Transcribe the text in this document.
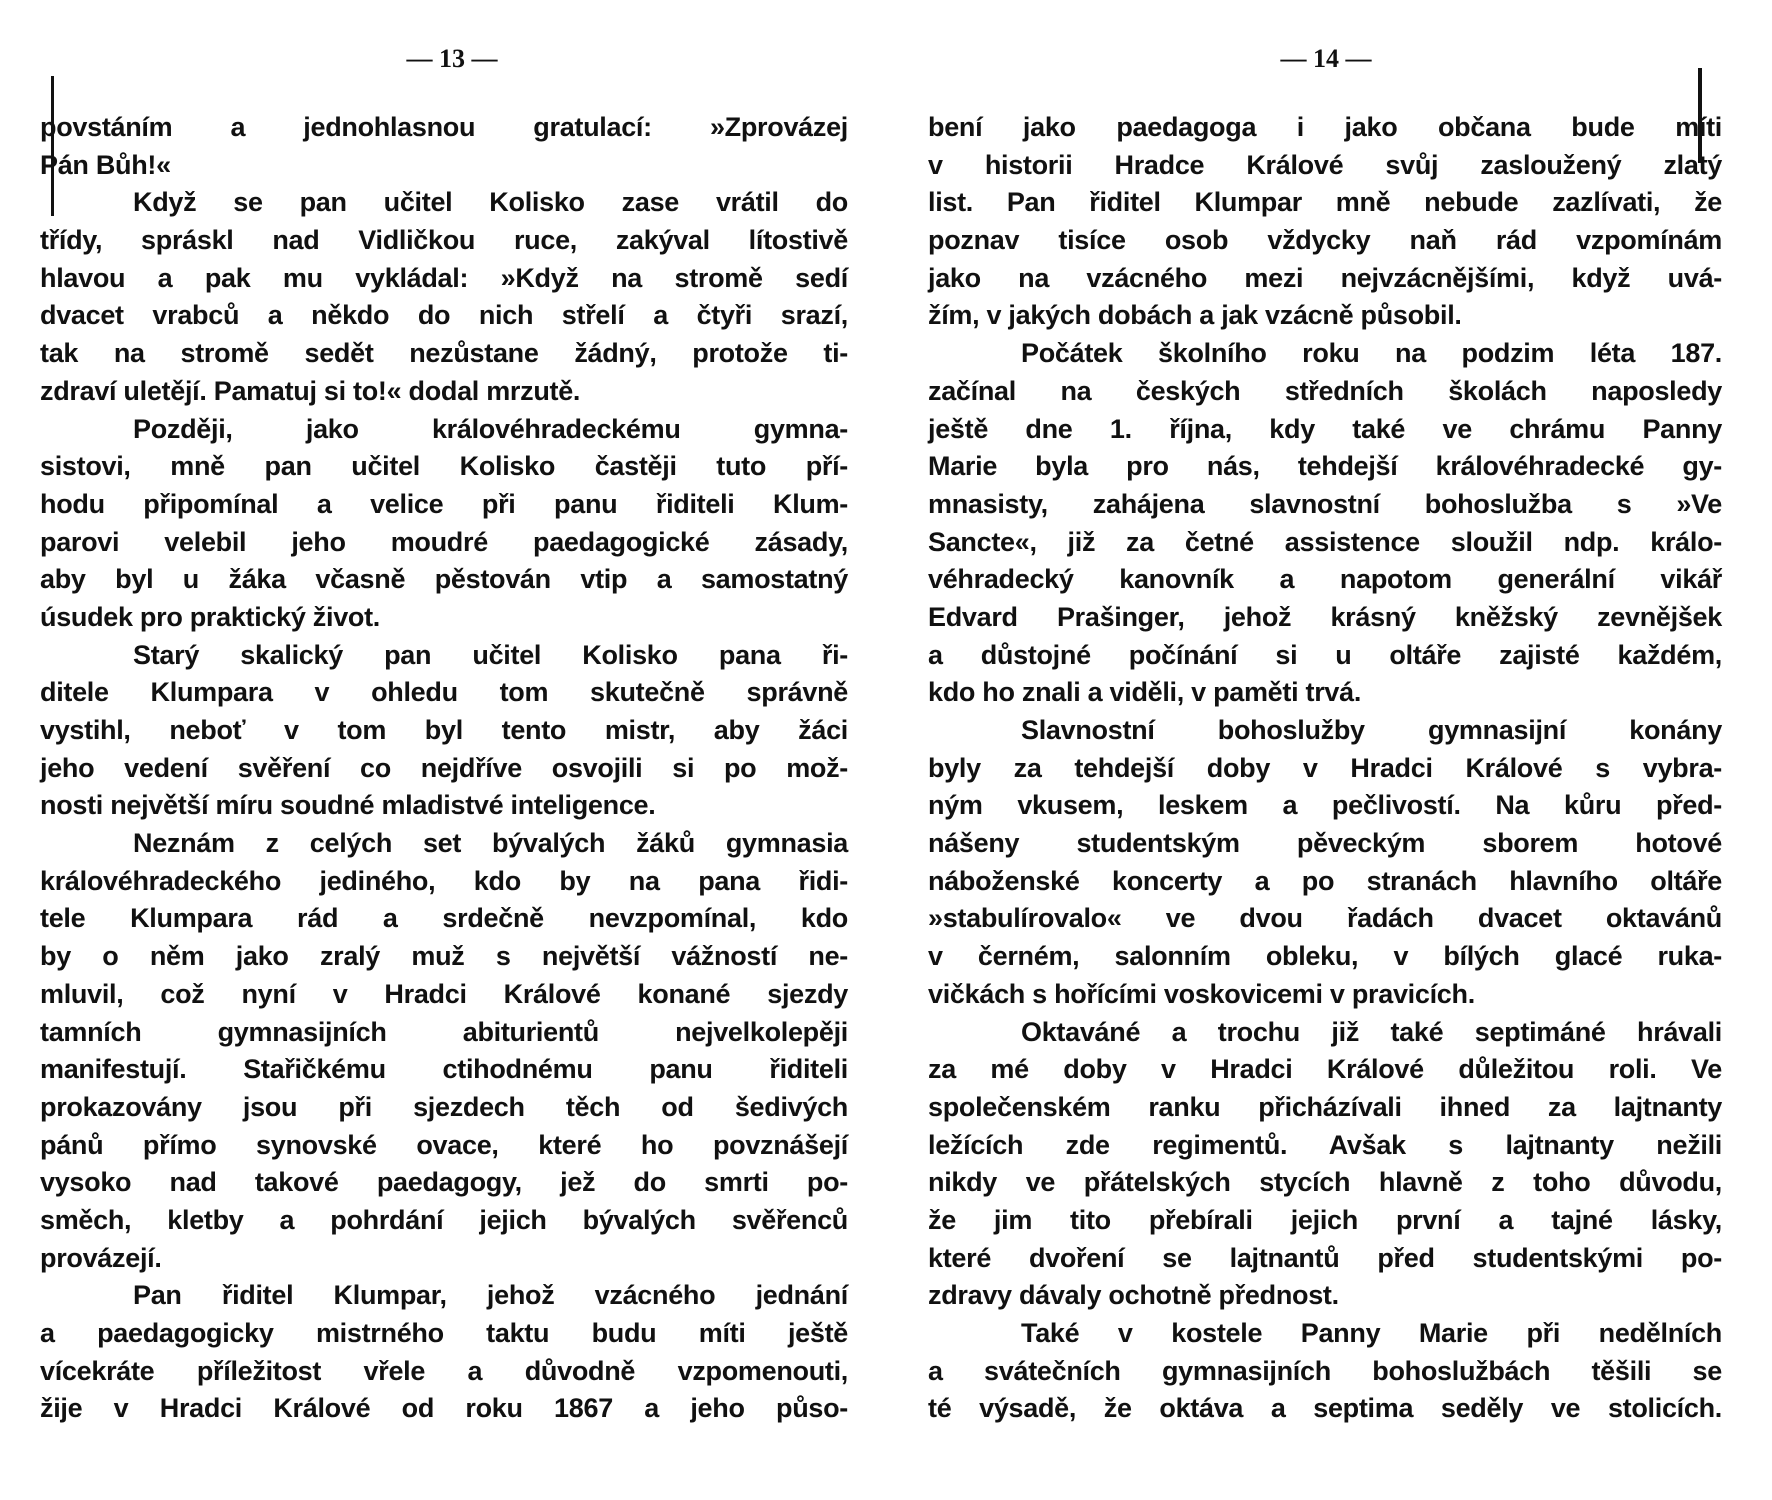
— 13 —	— 14 —
povstáním a jednohlasnou gratulací: »Zprovázej
Pán Bůh!«
Když se pan učitel Kolisko zase vrátil do
třídy, spráskl nad Vidličkou ruce, zakýval lítostivě
hlavou a pak mu vykládal: »Když na stromě sedí
dvacet vrabců a někdo do nich střelí a čtyři srazí,
tak na stromě sedět nezůstane žádný, protože ti-
zdraví uletějí. Pamatuj si to!« dodal mrzutě.
Později, jako královéhradeckému gymna-
sistovi, mně pan učitel Kolisko častěji tuto pří-
hodu připomínal a velice při panu řiditeli Klum-
parovi velebil jeho moudré paedagogické zásady,
aby byl u žáka včasně pěstován vtip a samostatný
úsudek pro praktický život.
Starý skalický pan učitel Kolisko pana ři-
ditele Klumpara v ohledu tom skutečně správně
vystihl, neboť v tom byl tento mistr, aby žáci
jeho vedení svěření co nejdříve osvojili si po mož-
nosti největší míru soudné mladistvé inteligence.
Neznám z celých set bývalých žáků gymnasia
královéhradeckého jediného, kdo by na pana řidi-
tele Klumpara rád a srdečně nevzpomínal, kdo
by o něm jako zralý muž s největší vážností ne-
mluvil, což nyní v Hradci Králové konané sjezdy
tamních gymnasijních abiturientů nejvelkolepěji
manifestují. Stařičkému ctihodnému panu řiditeli
prokazovány jsou při sjezdech těch od šedivých
pánů přímo synovské ovace, které ho povznášejí
vysoko nad takové paedagogy, jež do smrti po-
směch, kletby a pohrdání jejich bývalých svěřenců
provázejí.
Pan řiditel Klumpar, jehož vzácného jednání
a paedagogicky mistrného taktu budu míti ještě
vícekráte příležitost vřele a důvodně vzpomenouti,
žije v Hradci Králové od roku 1867 a jeho půso-
bení jako paedagoga i jako občana bude míti
v historii Hradce Králové svůj zasloužený zlatý
list. Pan řiditel Klumpar mně nebude zazlívati, že
poznav tisíce osob vždycky naň rád vzpomínám
jako na vzácného mezi nejvzácnějšími, když uvá-
žím, v jakých dobách a jak vzácně působil.
Počátek školního roku na podzim léta 187.
začínal na českých středních školách naposledy
ještě dne 1. října, kdy také ve chrámu Panny
Marie byla pro nás, tehdejší královéhradecké gy-
mnasisty, zahájena slavnostní bohoslužba s »Ve
Sancte«, již za četné assistence sloužil ndp. králo-
véhradecký kanovník a napotom generální vikář
Edvard Prašinger, jehož krásný kněžský zevnějšek
a důstojné počínání si u oltáře zajisté každém,
kdo ho znali a viděli, v paměti trvá.
Slavnostní bohoslužby gymnasijní konány
byly za tehdejší doby v Hradci Králové s vybra-
ným vkusem, leskem a pečlivostí. Na kůru před-
nášeny studentským pěveckým sborem hotové
náboženské koncerty a po stranách hlavního oltáře
»stabulírovalo« ve dvou řadách dvacet oktavánů
v černém, salonním obleku, v bílých glacé ruka-
vičkách s hořícími voskovicemi v pravicích.
Oktaváné a trochu již také septimáné hrávali
za mé doby v Hradci Králové důležitou roli. Ve
společenském ranku přicházívali ihned za lajtnanty
ležících zde regimentů. Avšak s lajtnanty nežili
nikdy ve přátelských stycích hlavně z toho důvodu,
že jim tito přebírali jejich první a tajné lásky,
které dvoření se lajtnantů před studentskými po-
zdravy dávaly ochotně přednost.
Také v kostele Panny Marie při nedělních
a svátečních gymnasijních bohoslužbách těšili se
té výsadě, že oktáva a septima seděly ve stolicích.
